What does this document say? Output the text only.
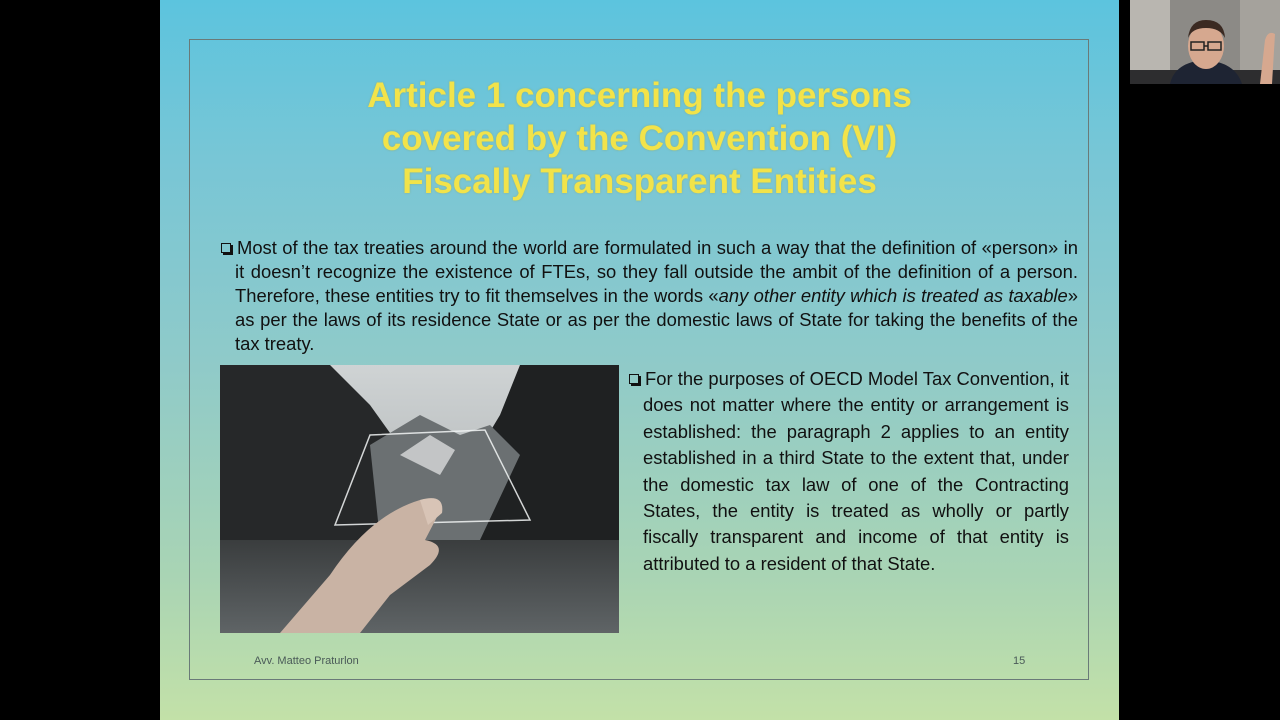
Article 1 concerning the persons
covered by the Convention (VI)
Fiscally Transparent Entities
Most of the tax treaties around the world are formulated in such a way that the definition of «person» in it doesn’t recognize the existence of FTEs, so they fall outside the ambit of the definition of a person. Therefore, these entities try to fit themselves in the words «any other entity which is treated as taxable» as per the laws of its residence State or as per the domestic laws of State for taking the benefits of the tax treaty.
For the purposes of OECD Model Tax Convention, it does not matter where the entity or arrangement is established: the paragraph 2 applies to an entity established in a third State to the extent that, under the domestic tax law of one of the Contracting States, the entity is treated as wholly or partly fiscally transparent and income of that entity is attributed to a resident of that State.
Avv. Matteo Praturlon	15
